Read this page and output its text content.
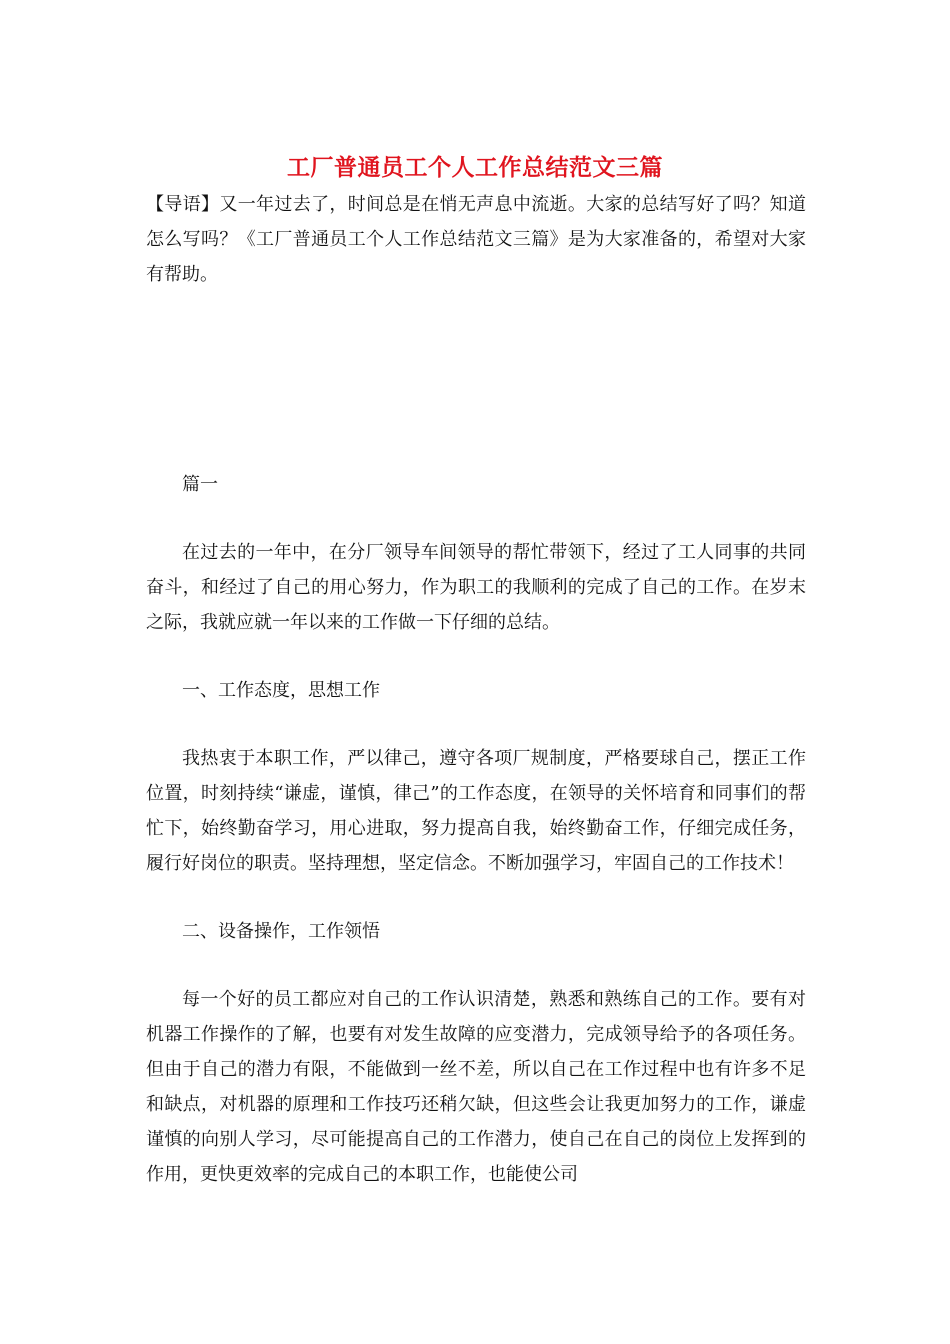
工厂普通员工个人工作总结范文三篇

【导语】又一年过去了，时间总是在悄无声息中流逝。大家的总结写好了吗？知道怎么写吗？《工厂普通员工个人工作总结范文三篇》是为大家准备的，希望对大家有帮助。

篇一

在过去的一年中，在分厂领导车间领导的帮忙带领下，经过了工人同事的共同奋斗，和经过了自己的用心努力，作为职工的我顺利的完成了自己的工作。在岁末之际，我就应就一年以来的工作做一下仔细的总结。

一、工作态度，思想工作

我热衷于本职工作，严以律己，遵守各项厂规制度，严格要球自己，摆正工作位置，时刻持续“谦虚，谨慎，律己”的工作态度，在领导的关怀培育和同事们的帮忙下，始终勤奋学习，用心进取，努力提高自我，始终勤奋工作，仔细完成任务，履行好岗位的职责。坚持理想，坚定信念。不断加强学习，牢固自己的工作技术！

二、设备操作，工作领悟

每一个好的员工都应对自己的工作认识清楚，熟悉和熟练自己的工作。要有对机器工作操作的了解，也要有对发生故障的应变潜力，完成领导给予的各项任务。但由于自己的潜力有限，不能做到一丝不差，所以自己在工作过程中也有许多不足和缺点，对机器的原理和工作技巧还稍欠缺，但这些会让我更加努力的工作，谦虚谨慎的向别人学习，尽可能提高自己的工作潜力，使自己在自己的岗位上发挥到的作用，更快更效率的完成自己的本职工作，也能使公司
